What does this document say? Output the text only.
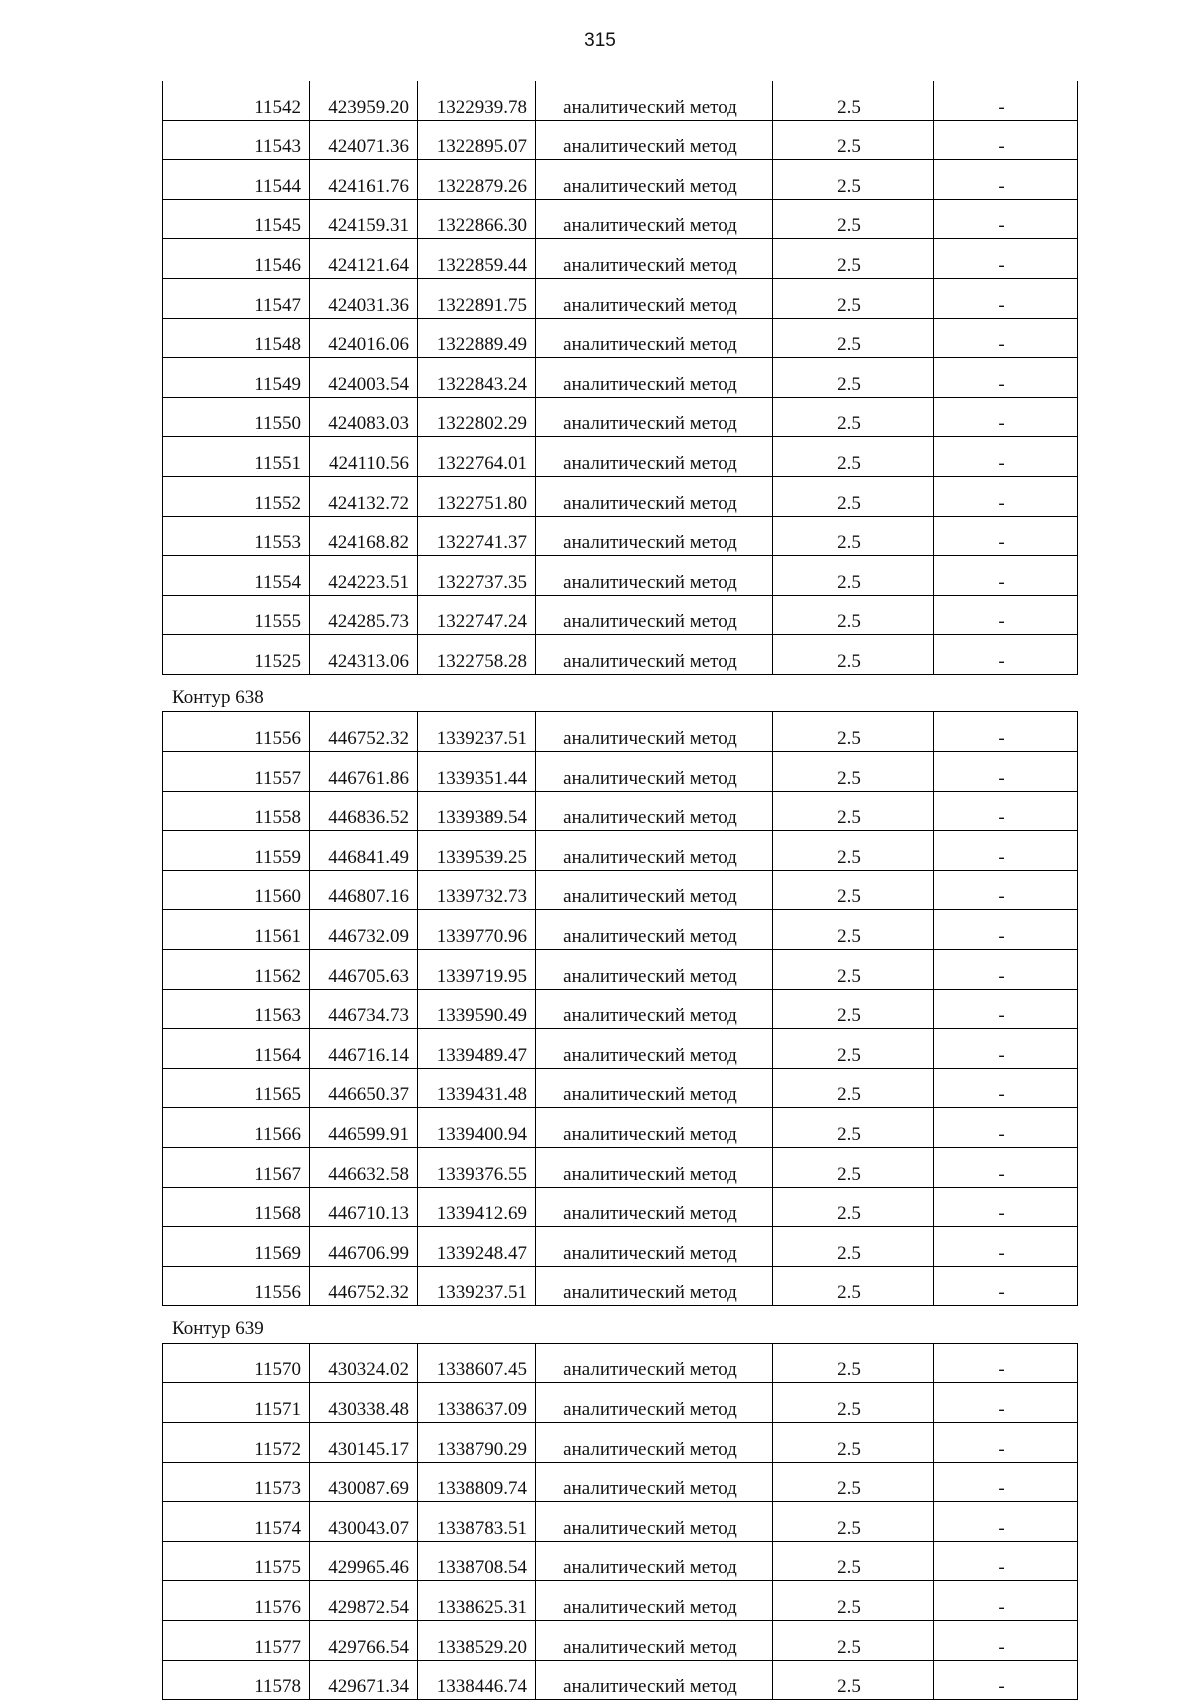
315
11542	423959.20	1322939.78	аналитический метод	2.5	-
11543	424071.36	1322895.07	аналитический метод	2.5	-
11544	424161.76	1322879.26	аналитический метод	2.5	-
11545	424159.31	1322866.30	аналитический метод	2.5	-
11546	424121.64	1322859.44	аналитический метод	2.5	-
11547	424031.36	1322891.75	аналитический метод	2.5	-
11548	424016.06	1322889.49	аналитический метод	2.5	-
11549	424003.54	1322843.24	аналитический метод	2.5	-
11550	424083.03	1322802.29	аналитический метод	2.5	-
11551	424110.56	1322764.01	аналитический метод	2.5	-
11552	424132.72	1322751.80	аналитический метод	2.5	-
11553	424168.82	1322741.37	аналитический метод	2.5	-
11554	424223.51	1322737.35	аналитический метод	2.5	-
11555	424285.73	1322747.24	аналитический метод	2.5	-
11525	424313.06	1322758.28	аналитический метод	2.5	-
Контур 638
11556	446752.32	1339237.51	аналитический метод	2.5	-
11557	446761.86	1339351.44	аналитический метод	2.5	-
11558	446836.52	1339389.54	аналитический метод	2.5	-
11559	446841.49	1339539.25	аналитический метод	2.5	-
11560	446807.16	1339732.73	аналитический метод	2.5	-
11561	446732.09	1339770.96	аналитический метод	2.5	-
11562	446705.63	1339719.95	аналитический метод	2.5	-
11563	446734.73	1339590.49	аналитический метод	2.5	-
11564	446716.14	1339489.47	аналитический метод	2.5	-
11565	446650.37	1339431.48	аналитический метод	2.5	-
11566	446599.91	1339400.94	аналитический метод	2.5	-
11567	446632.58	1339376.55	аналитический метод	2.5	-
11568	446710.13	1339412.69	аналитический метод	2.5	-
11569	446706.99	1339248.47	аналитический метод	2.5	-
11556	446752.32	1339237.51	аналитический метод	2.5	-
Контур 639
11570	430324.02	1338607.45	аналитический метод	2.5	-
11571	430338.48	1338637.09	аналитический метод	2.5	-
11572	430145.17	1338790.29	аналитический метод	2.5	-
11573	430087.69	1338809.74	аналитический метод	2.5	-
11574	430043.07	1338783.51	аналитический метод	2.5	-
11575	429965.46	1338708.54	аналитический метод	2.5	-
11576	429872.54	1338625.31	аналитический метод	2.5	-
11577	429766.54	1338529.20	аналитический метод	2.5	-
11578	429671.34	1338446.74	аналитический метод	2.5	-
